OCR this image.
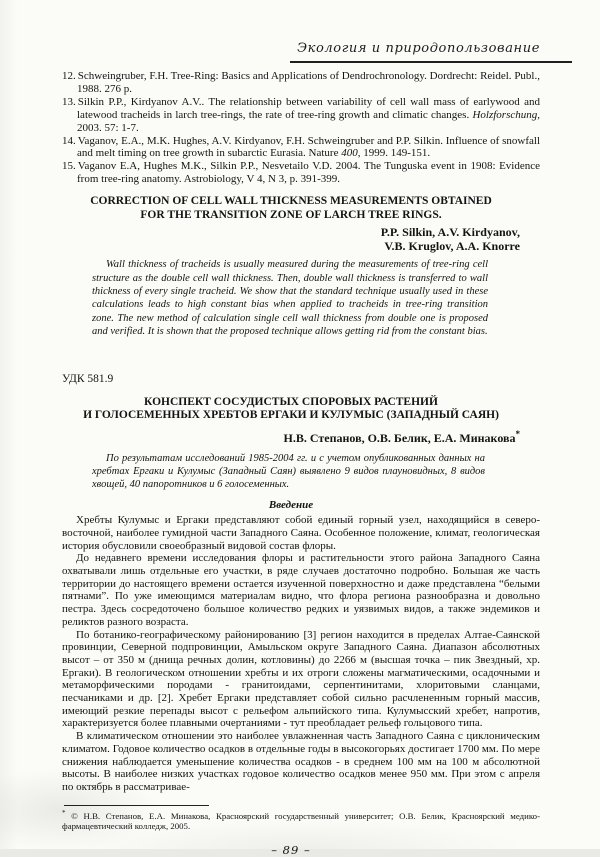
Экология и природопользование

12. Schweingruber, F.H. Tree-Ring: Basics and Applications of Dendrochronology. Dordrecht: Reidel. Publ., 1988. 276 p.

13. Silkin P.P., Kirdyanov A.V.. The relationship between variability of cell wall mass of earlywood and latewood tracheids in larch tree-rings, the rate of tree-ring growth and climatic changes. Holzforschung, 2003. 57: 1-7.

14. Vaganov, E.A., M.K. Hughes, A.V. Kirdyanov, F.H. Schweingruber and P.P. Silkin. Influence of snowfall and melt timing on tree growth in subarctic Eurasia. Nature 400, 1999. 149-151.

15. Vaganov E.A, Hughes M.K., Silkin P.P., Nesvetailo V.D. 2004. The Tunguska event in 1908: Evidence from tree-ring anatomy. Astrobiology, V 4, N 3, p. 391-399.

CORRECTION OF CELL WALL THICKNESS MEASUREMENTS OBTAINED
FOR THE TRANSITION ZONE OF LARCH TREE RINGS.
P.P. Silkin, A.V. Kirdyanov,
V.B. Kruglov, A.A. Knorre

Wall thickness of tracheids is usually measured during the measurements of tree-ring cell structure as the double cell wall thickness. Then, double wall thickness is transferred to wall thickness of every single tracheid. We show that the standard technique usually used in these calculations leads to high constant bias when applied to tracheids in tree-ring transition zone. The new method of calculation single cell wall thickness from double one is proposed and verified. It is shown that the proposed technique allows getting rid from the constant bias.

УДК 581.9
КОНСПЕКТ СОСУДИСТЫХ СПОРОВЫХ РАСТЕНИЙ
И ГОЛОСЕМЕННЫХ ХРЕБТОВ ЕРГАКИ И КУЛУМЫС (ЗАПАДНЫЙ САЯН)
Н.В. Степанов, О.В. Белик, Е.А. Минакова*

По результатам исследований 1985-2004 гг. и с учетом опубликованных данных на хребтах Ергаки и Кулумыс (Западный Саян) выявлено 9 видов плауновидных, 8 видов хвощей, 40 папоротников и 6 голосеменных.

Введение

Хребты Кулумыс и Ергаки представляют собой единый горный узел, находящийся в северо-восточной, наиболее гумидной части Западного Саяна. Особенное положение, климат, геологическая история обусловили своеобразный видовой состав флоры.

До недавнего времени исследования флоры и растительности этого района Западного Саяна охватывали лишь отдельные его участки, в ряде случаев достаточно подробно. Большая же часть территории до настоящего времени остается изученной поверхностно и даже представлена “белыми пятнами”. По уже имеющимся материалам видно, что флора региона разнообразна и довольно пестра. Здесь сосредоточено большое количество редких и уязвимых видов, а также эндемиков и реликтов разного возраста.

По ботанико-географическому районированию [3] регион находится в пределах Алтае-Саянской провинции, Северной подпровинции, Амыльском округе Западного Саяна. Диапазон абсолютных высот – от 350 м (днища речных долин, котловины) до 2266 м (высшая точка – пик Звездный, хр. Ергаки). В геологическом отношении хребты и их отроги сложены магматическими, осадочными и метаморфическими породами - гранитоидами, серпентинитами, хлоритовыми сланцами, песчаниками и др. [2]. Хребет Ергаки представляет собой сильно расчлененным горный массив, имеющий резкие перепады высот с рельефом альпийского типа. Кулумысский хребет, напротив, характеризуется более плавными очертаниями - тут преобладает рельеф гольцового типа.

В климатическом отношении это наиболее увлажненная часть Западного Саяна с циклоническим климатом. Годовое количество осадков в отдельные годы в высокогорьях достигает 1700 мм. По мере снижения наблюдается уменьшение количества осадков - в среднем 100 мм на 100 м абсолютной высоты. В наиболее низких участках годовое количество осадков менее 950 мм. При этом с апреля по октябрь в рассматривае-

* © Н.В. Степанов, Е.А. Минакова, Красноярский государственный университет; О.В. Белик, Красноярский медико-фармацевтический колледж, 2005.

– 89 –
